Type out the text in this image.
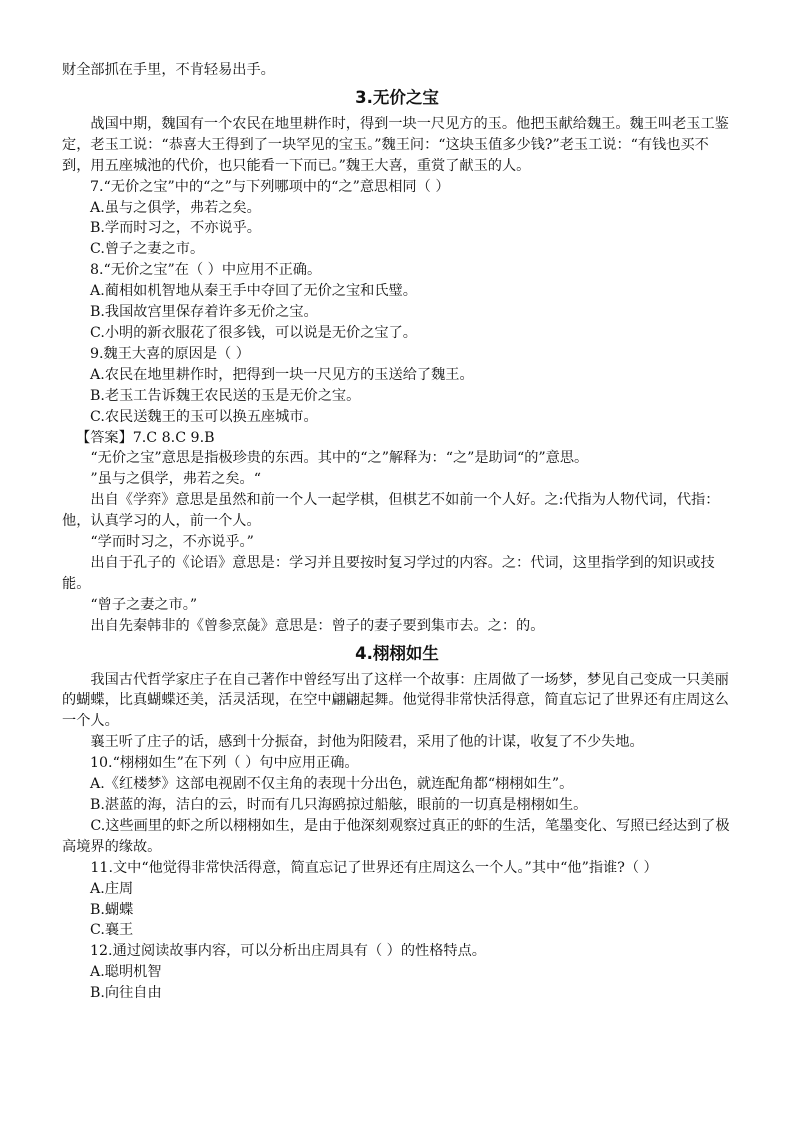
财全部抓在手里，不肯轻易出手。

3.无价之宝

战国中期，魏国有一个农民在地里耕作时，得到一块一尺见方的玉。他把玉献给魏王。魏王叫老玉工鉴定，老玉工说：“恭喜大王得到了一块罕见的宝玉。”魏王问：“这块玉值多少钱?”老玉工说：“有钱也买不到，用五座城池的代价，也只能看一下而已。”魏王大喜，重赏了献玉的人。

7.“无价之宝”中的“之”与下列哪项中的“之”意思相同（ ）

A.虽与之俱学，弗若之矣。

B.学而时习之，不亦说乎。

C.曾子之妻之市。

8.“无价之宝”在（ ）中应用不正确。

A.蔺相如机智地从秦王手中夺回了无价之宝和氏璧。

B.我国故宫里保存着许多无价之宝。

C.小明的新衣服花了很多钱，可以说是无价之宝了。

9.魏王大喜的原因是（ ）

A.农民在地里耕作时，把得到一块一尺见方的玉送给了魏王。

B.老玉工告诉魏王农民送的玉是无价之宝。

C.农民送魏王的玉可以换五座城市。

【答案】7.C 8.C 9.B

“无价之宝”意思是指极珍贵的东西。其中的“之”解释为：“之”是助词“的”意思。

”虽与之俱学，弗若之矣。“

出自《学弈》意思是虽然和前一个人一起学棋，但棋艺不如前一个人好。之:代指为人物代词，代指：他，认真学习的人，前一个人。

“学而时习之，不亦说乎。”

出自于孔子的《论语》意思是：学习并且要按时复习学过的内容。之：代词，这里指学到的知识或技能。

“曾子之妻之市。”

出自先秦韩非的《曾参烹彘》意思是：曾子的妻子要到集市去。之：的。

4.栩栩如生

我国古代哲学家庄子在自己著作中曾经写出了这样一个故事：庄周做了一场梦，梦见自己变成一只美丽的蝴蝶，比真蝴蝶还美，活灵活现，在空中翩翩起舞。他觉得非常快活得意，简直忘记了世界还有庄周这么一个人。

襄王听了庄子的话，感到十分振奋，封他为阳陵君，采用了他的计谋，收复了不少失地。

10.“栩栩如生”在下列（ ）句中应用正确。

A.《红楼梦》这部电视剧不仅主角的表现十分出色，就连配角都“栩栩如生”。

B.湛蓝的海，洁白的云，时而有几只海鸥掠过船舷，眼前的一切真是栩栩如生。

C.这些画里的虾之所以栩栩如生，是由于他深刻观察过真正的虾的生活，笔墨变化、写照已经达到了极高境界的缘故。

11.文中“他觉得非常快活得意，简直忘记了世界还有庄周这么一个人。”其中“他”指谁?（ ）

A.庄周

B.蝴蝶

C.襄王

12.通过阅读故事内容，可以分析出庄周具有（ ）的性格特点。

A.聪明机智

B.向往自由
